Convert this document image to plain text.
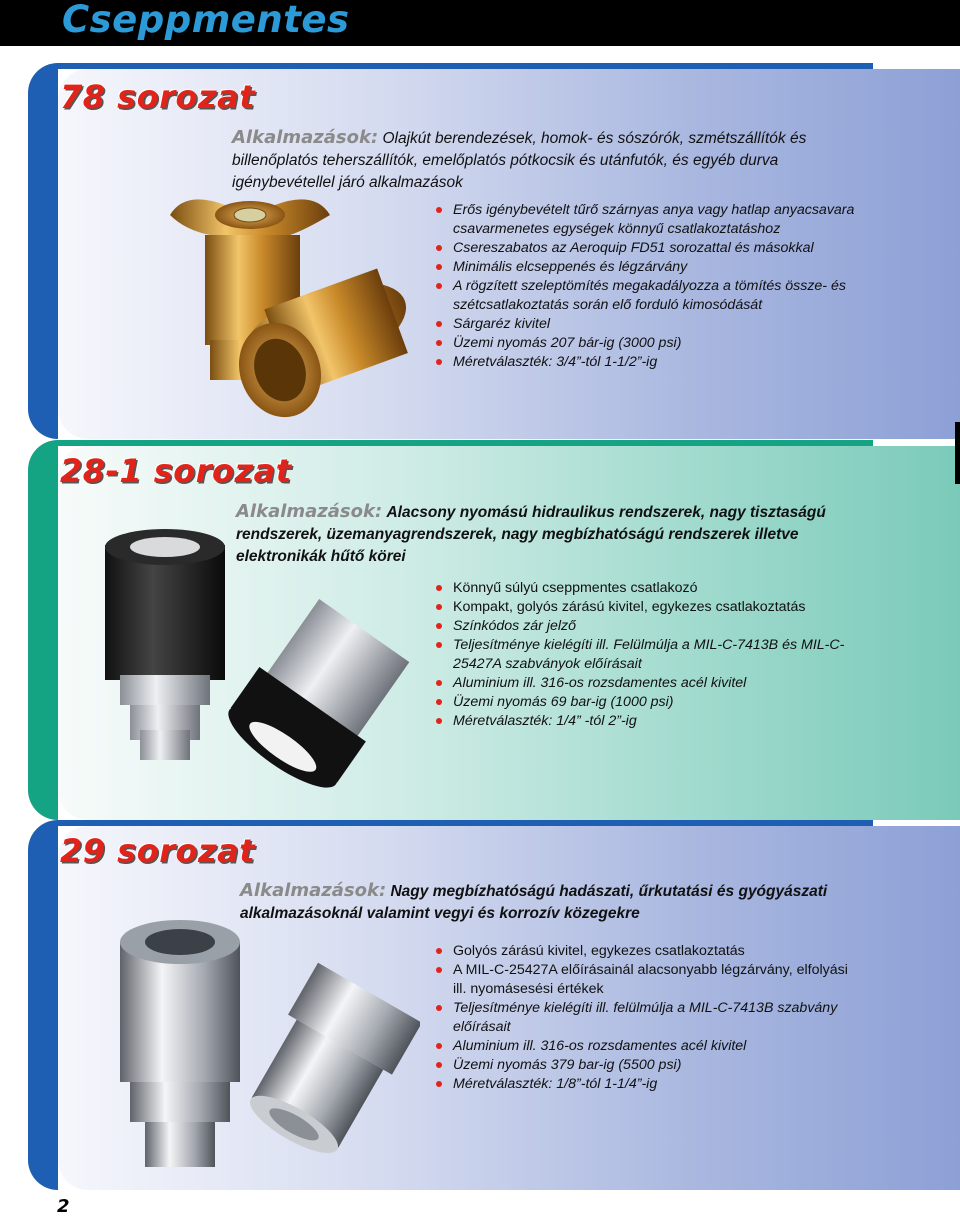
Cseppmentes
78 sorozat
Alkalmazások: Olajkút berendezések, homok- és sószórók, szmétszállítók és billenőplatós teherszállítók, emelőplatós pótkocsik és utánfutók, és egyéb durva igénybevétellel járó alkalmazások
Erős igénybevételt tűrő szárnyas anya vagy hatlap anyacsavara csavarmenetes egységek könnyű csatlakoztatáshoz
Csereszabatos az Aeroquip FD51 sorozattal és másokkal
Minimális elcseppenés és légzárvány
A rögzített szeleptömítés megakadályozza a tömítés össze- és szétcsatlakoztatás során elő forduló kimosódását
Sárgaréz kivitel
Üzemi nyomás 207 bár-ig (3000 psi)
Méretválaszték: 3/4”-tól 1-1/2”-ig
28-1 sorozat
Alkalmazások: Alacsony nyomású hidraulikus rendszerek, nagy tisztaságú rendszerek, üzemanyagrendszerek, nagy megbízhatóságú rendszerek illetve elektronikák hűtő körei
Könnyű súlyú cseppmentes csatlakozó
Kompakt, golyós zárású kivitel, egykezes csatlakoztatás
Színkódos zár jelző
Teljesítménye kielégíti ill. Felülmúlja a MIL-C-7413B és MIL-C-25427A szabványok előírásait
Aluminium ill. 316-os rozsdamentes acél kivitel
Üzemi nyomás 69 bar-ig (1000 psi)
Méretválaszték: 1/4” -tól 2”-ig
29 sorozat
Alkalmazások: Nagy megbízhatóságú hadászati, űrkutatási és gyógyászati alkalmazásoknál valamint vegyi és korrozív közegekre
Golyós zárású kivitel, egykezes csatlakoztatás
A MIL-C-25427A előírásainál alacsonyabb légzárvány, elfolyási ill. nyomásesési értékek
Teljesítménye kielégíti ill. felülmúlja a MIL-C-7413B szabvány előírásait
Aluminium ill. 316-os rozsdamentes acél kivitel
Üzemi nyomás 379 bar-ig (5500 psi)
Méretválaszték: 1/8”-tól 1-1/4”-ig
2
